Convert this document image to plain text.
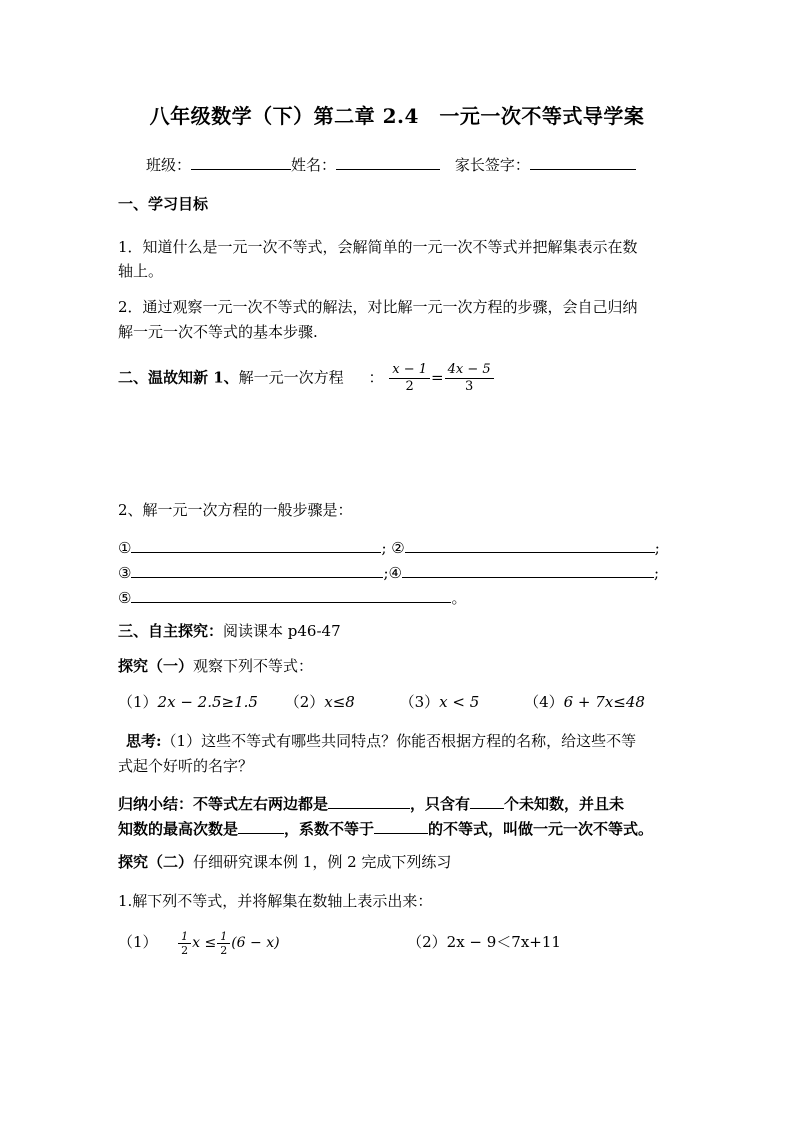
八年级数学（下）第二章 2.4　一元一次不等式导学案
班级：	姓名：	家长签字：
一、学习目标
1．知道什么是一元一次不等式，会解简单的一元一次不等式并把解集表示在数
轴上。
2．通过观察一元一次不等式的解法，对比解一元一次方程的步骤，会自己归纳
解一元一次不等式的基本步骤.
二、温故知新 1、解一元一次方程 ： $\frac{x - 1}{2} = \frac{4x - 5}{3}$
2、解一元一次方程的一般步骤是：
①	; ②	;
③	;④	;
⑤	。
三、自主探究：阅读课本 p46-47
探究（一）观察下列不等式：
（1）2x − 2.5≥1.5 （2）x≤8	（3）x < 5	（4）6 + 7x≤48
思考:（1）这些不等式有哪些共同特点？你能否根据方程的名称，给这些不等
式起个好听的名字？
归纳小结：不等式左右两边都是	，只含有 个未知数，并且未
知数的最高次数是	，系数不等于	的不等式，叫做一元一次不等式。
探究（二）仔细研究课本例 1，例 2 完成下列练习
1.解下列不等式，并将解集在数轴上表示出来：
$(1) \frac{1}{2}$ $x \le \frac{1}{2} (6 - x)$	（2）2x − 9＜7x+11
